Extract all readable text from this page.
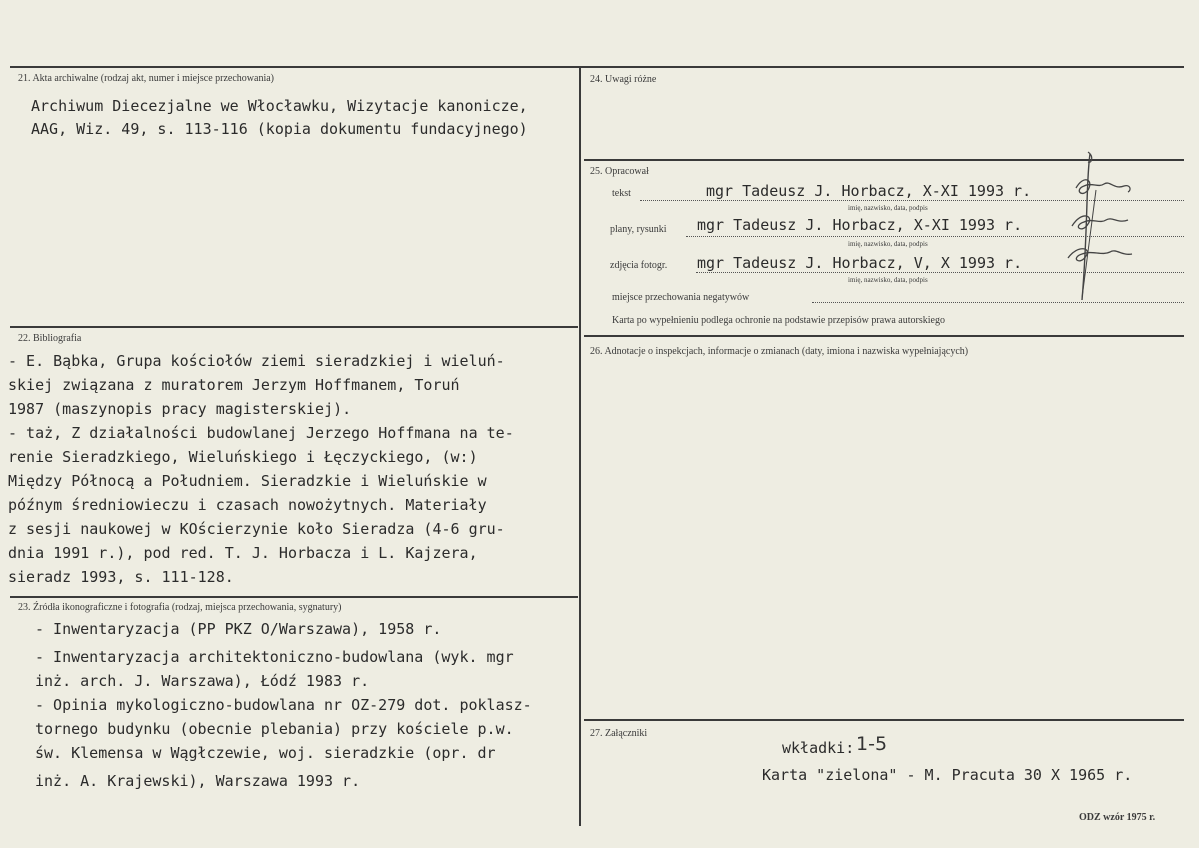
21. Akta archiwalne (rodzaj akt, numer i miejsce przechowania)
Archiwum Diecezjalne we Włocławku, Wizytacje kanonicze,
AAG, Wiz. 49, s. 113-116 (kopia dokumentu fundacyjnego)
22. Bibliografia
- E. Bąbka, Grupa kościołów ziemi sieradzkiej i wieluń-
skiej związana z muratorem Jerzym Hoffmanem, Toruń
1987 (maszynopis pracy magisterskiej).
- taż, Z działalności budowlanej Jerzego Hoffmana na te-
renie Sieradzkiego, Wieluńskiego i Łęczyckiego, (w:)
Między Północą a Południem. Sieradzkie i Wieluńskie w
późnym średniowieczu i czasach nowożytnych. Materiały
z sesji naukowej w KOścierzynie koło Sieradza (4-6 gru-
dnia 1991 r.), pod red. T. J. Horbacza i L. Kajzera,
sieradz 1993, s. 111-128.
23. Źródła ikonograficzne i fotografia (rodzaj, miejsca przechowania, sygnatury)
- Inwentaryzacja (PP PKZ O/Warszawa), 1958 r.
- Inwentaryzacja architektoniczno-budowlana (wyk. mgr
inż. arch. J. Warszawa), Łódź 1983 r.
- Opinia mykologiczno-budowlana nr OZ-279 dot. poklasz-
tornego budynku (obecnie plebania) przy kościele p.w.
św. Klemensa w Wągłczewie, woj. sieradzkie (opr. dr
inż. A. Krajewski), Warszawa 1993 r.
24. Uwagi różne
25. Opracował
tekst	mgr Tadeusz J. Horbacz, X-XI 1993 r.
imię, nazwisko, data, podpis
plany, rysunki mgr Tadeusz J. Horbacz, X-XI 1993 r.
imię, nazwisko, data, podpis
zdjęcia fotogr. mgr Tadeusz J. Horbacz, V, X 1993 r.
imię, nazwisko, data, podpis
miejsce przechowania negatywów
Karta po wypełnieniu podlega ochronie na podstawie przepisów prawa autorskiego
26. Adnotacje o inspekcjach, informacje o zmianach (daty, imiona i nazwiska wypełniających)
27. Załączniki
wkładki: 1-5
Karta "zielona" - M. Pracuta 30 X 1965 r.
ODZ wzór 1975 r.
